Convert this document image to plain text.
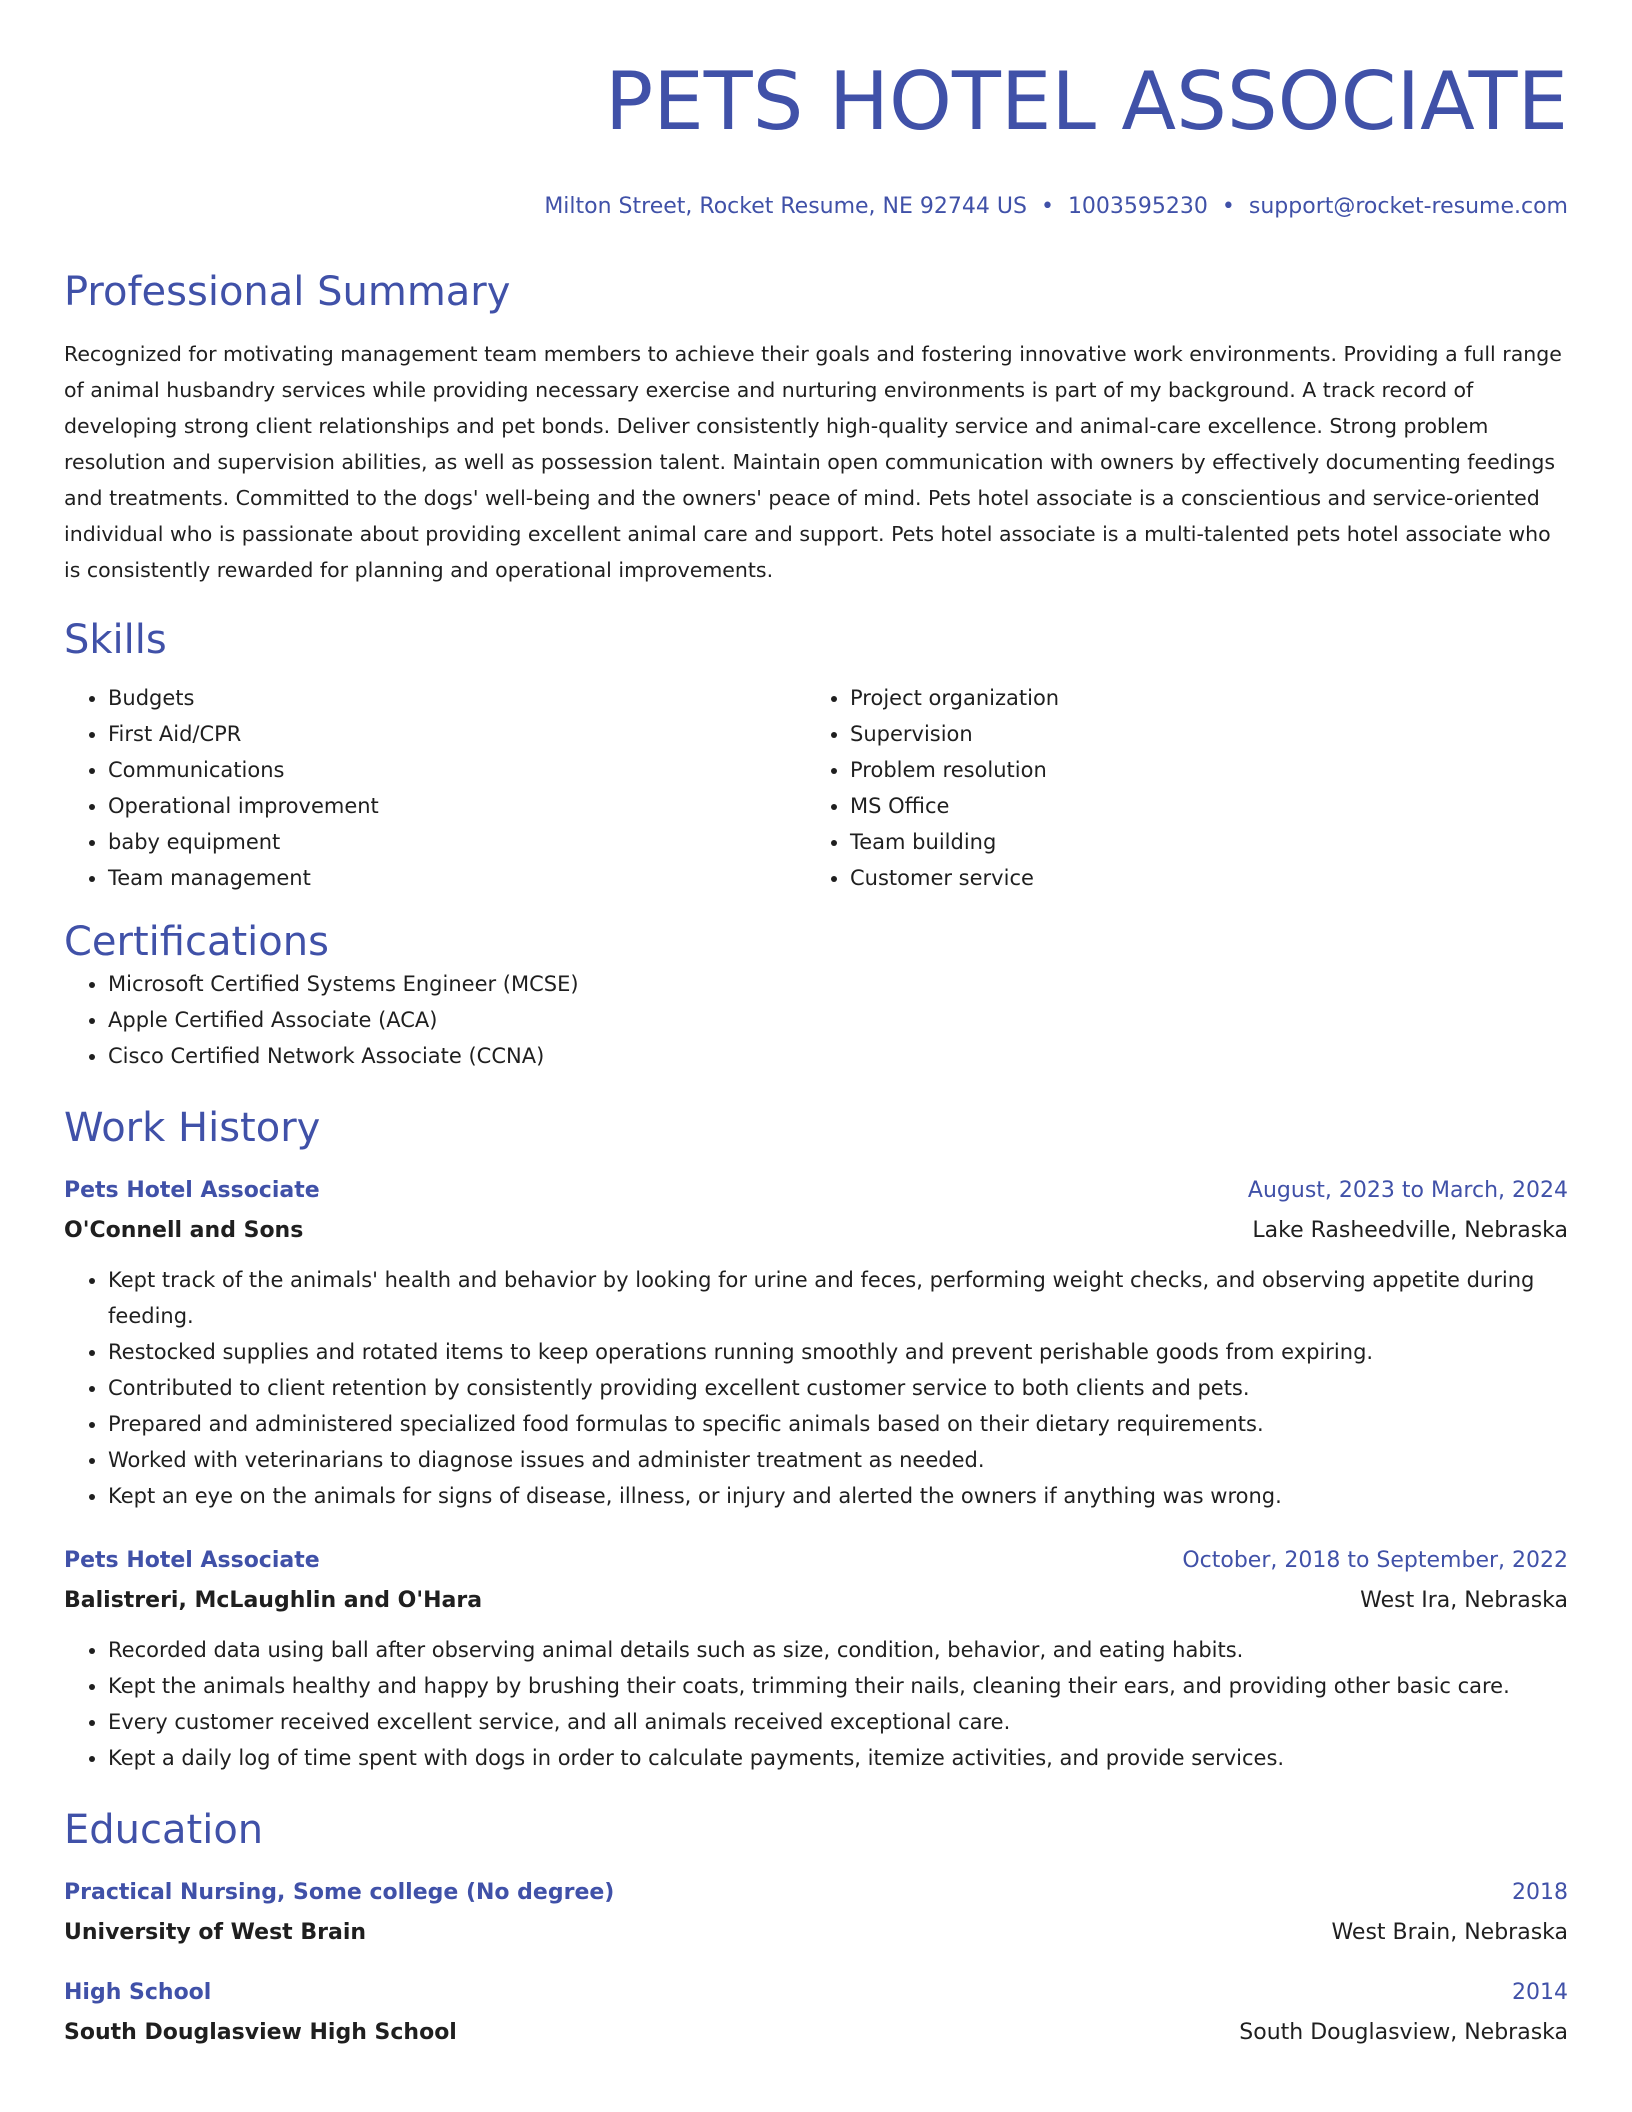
PETS HOTEL ASSOCIATE
Milton Street, Rocket Resume, NE 92744 US • 1003595230 • support@rocket-resume.com
Professional Summary
Recognized for motivating management team members to achieve their goals and fostering innovative work environments. Providing a full range of animal husbandry services while providing necessary exercise and nurturing environments is part of my background. A track record of developing strong client relationships and pet bonds. Deliver consistently high-quality service and animal-care excellence. Strong problem resolution and supervision abilities, as well as possession talent. Maintain open communication with owners by effectively documenting feedings and treatments. Committed to the dogs' well-being and the owners' peace of mind. Pets hotel associate is a conscientious and service-oriented individual who is passionate about providing excellent animal care and support. Pets hotel associate is a multi-talented pets hotel associate who is consistently rewarded for planning and operational improvements.
Skills
• Budgets
• First Aid/CPR
• Communications
• Operational improvement
• baby equipment
• Team management
• Project organization
• Supervision
• Problem resolution
• MS Office
• Team building
• Customer service
Certifications
• Microsoft Certified Systems Engineer (MCSE)
• Apple Certified Associate (ACA)
• Cisco Certified Network Associate (CCNA)
Work History
Pets Hotel Associate	August, 2023 to March, 2024
O'Connell and Sons	Lake Rasheedville, Nebraska
• Kept track of the animals' health and behavior by looking for urine and feces, performing weight checks, and observing appetite during feeding.
• Restocked supplies and rotated items to keep operations running smoothly and prevent perishable goods from expiring.
• Contributed to client retention by consistently providing excellent customer service to both clients and pets.
• Prepared and administered specialized food formulas to specific animals based on their dietary requirements.
• Worked with veterinarians to diagnose issues and administer treatment as needed.
• Kept an eye on the animals for signs of disease, illness, or injury and alerted the owners if anything was wrong.
Pets Hotel Associate	October, 2018 to September, 2022
Balistreri, McLaughlin and O'Hara	West Ira, Nebraska
• Recorded data using ball after observing animal details such as size, condition, behavior, and eating habits.
• Kept the animals healthy and happy by brushing their coats, trimming their nails, cleaning their ears, and providing other basic care.
• Every customer received excellent service, and all animals received exceptional care.
• Kept a daily log of time spent with dogs in order to calculate payments, itemize activities, and provide services.
Education
Practical Nursing, Some college (No degree)	2018
University of West Brain	West Brain, Nebraska
High School	2014
South Douglasview High School	South Douglasview, Nebraska
